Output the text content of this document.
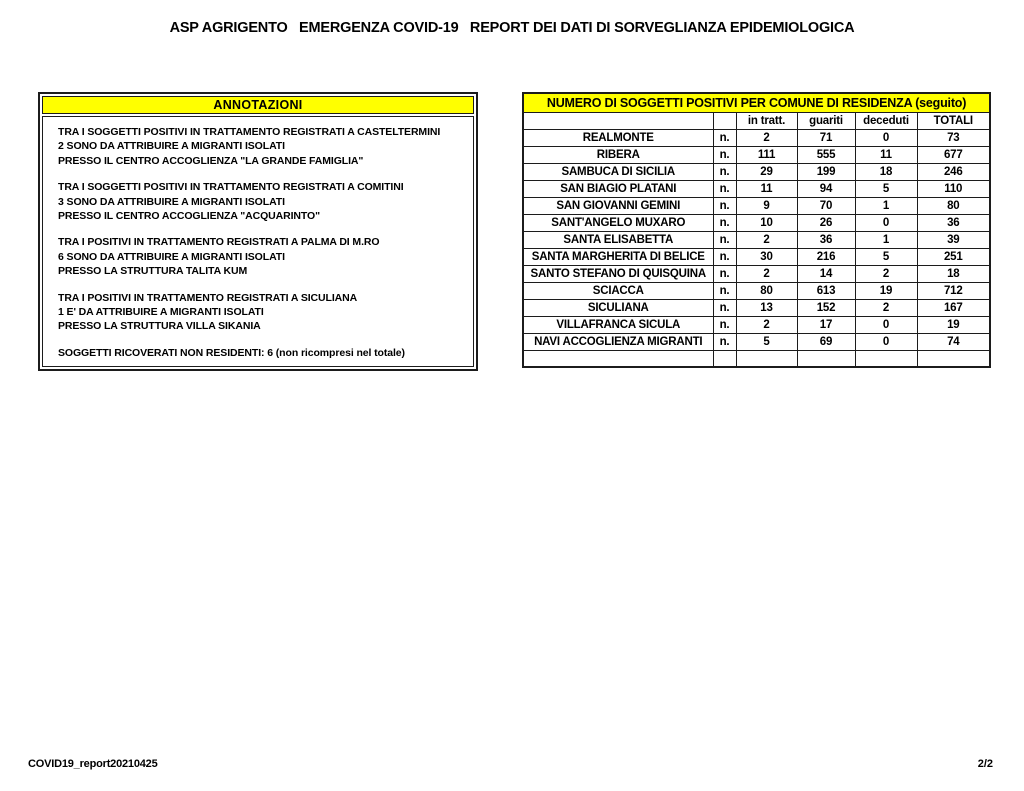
ASP AGRIGENTO   EMERGENZA COVID-19   REPORT DEI DATI DI SORVEGLIANZA EPIDEMIOLOGICA
ANNOTAZIONI
TRA I SOGGETTI POSITIVI IN TRATTAMENTO REGISTRATI A CASTELTERMINI
2 SONO DA ATTRIBUIRE A MIGRANTI ISOLATI
PRESSO IL CENTRO ACCOGLIENZA "LA GRANDE FAMIGLIA"
TRA I SOGGETTI POSITIVI IN TRATTAMENTO REGISTRATI A COMITINI
3 SONO DA ATTRIBUIRE A MIGRANTI ISOLATI
PRESSO IL CENTRO ACCOGLIENZA "ACQUARINTO"
TRA I POSITIVI IN TRATTAMENTO REGISTRATI A PALMA DI M.RO
6 SONO DA ATTRIBUIRE A MIGRANTI ISOLATI
PRESSO LA STRUTTURA TALITA KUM
TRA I POSITIVI IN TRATTAMENTO REGISTRATI A SICULIANA
1 E' DA ATTRIBUIRE A MIGRANTI ISOLATI
PRESSO LA STRUTTURA VILLA SIKANIA
SOGGETTI RICOVERATI NON RESIDENTI: 6 (non ricompresi nel totale)
NUMERO DI SOGGETTI POSITIVI PER COMUNE DI RESIDENZA (seguito)					
		in tratt.	guariti	deceduti	TOTALI
REALMONTE	n.	2	71	0	73
RIBERA	n.	111	555	11	677
SAMBUCA DI SICILIA	n.	29	199	18	246
SAN BIAGIO PLATANI	n.	11	94	5	110
SAN GIOVANNI GEMINI	n.	9	70	1	80
SANT'ANGELO MUXARO	n.	10	26	0	36
SANTA ELISABETTA	n.	2	36	1	39
SANTA MARGHERITA DI BELICE	n.	30	216	5	251
SANTO STEFANO DI QUISQUINA	n.	2	14	2	18
SCIACCA	n.	80	613	19	712
SICULIANA	n.	13	152	2	167
VILLAFRANCA SICULA	n.	2	17	0	19
NAVI ACCOGLIENZA MIGRANTI	n.	5	69	0	74

COVID19_report20210425	2/2
